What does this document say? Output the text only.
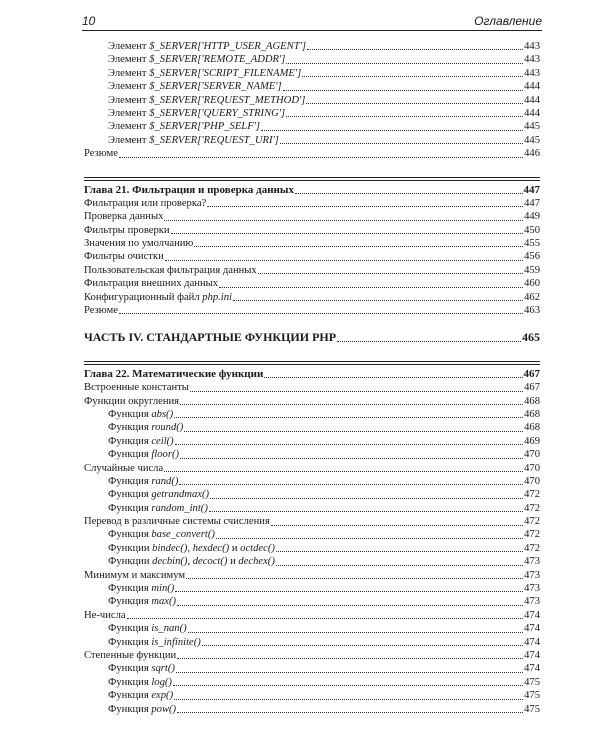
10	Оглавление
Элемент $_SERVER['HTTP_USER_AGENT']	443
Элемент $_SERVER['REMOTE_ADDR']	443
Элемент $_SERVER['SCRIPT_FILENAME']	443
Элемент $_SERVER['SERVER_NAME']	444
Элемент $_SERVER['REQUEST_METHOD']	444
Элемент $_SERVER['QUERY_STRING']	444
Элемент $_SERVER['PHP_SELF']	445
Элемент $_SERVER['REQUEST_URI']	445
Резюме	446
Глава 21. Фильтрация и проверка данных	447
Фильтрация или проверка?	447
Проверка данных	449
Фильтры проверки	450
Значения по умолчанию	455
Фильтры очистки	456
Пользовательская фильтрация данных	459
Фильтрация внешних данных	460
Конфигурационный файл php.ini	462
Резюме	463
ЧАСТЬ IV. СТАНДАРТНЫЕ ФУНКЦИИ PHP	465
Глава 22. Математические функции	467
Встроенные константы	467
Функции округления	468
Функция abs()	468
Функция round()	468
Функция ceil()	469
Функция floor()	470
Случайные числа	470
Функция rand()	470
Функция getrandmax()	472
Функция random_int()	472
Перевод в различные системы счисления	472
Функция base_convert()	472
Функции bindec(), hexdec() и octdec()	472
Функции decbin(), decoct() и dechex()	473
Минимум и максимум	473
Функция min()	473
Функция max()	473
Не-числа	474
Функция is_nan()	474
Функция is_infinite()	474
Степенные функции	474
Функция sqrt()	474
Функция log()	475
Функция exp()	475
Функция pow()	475
